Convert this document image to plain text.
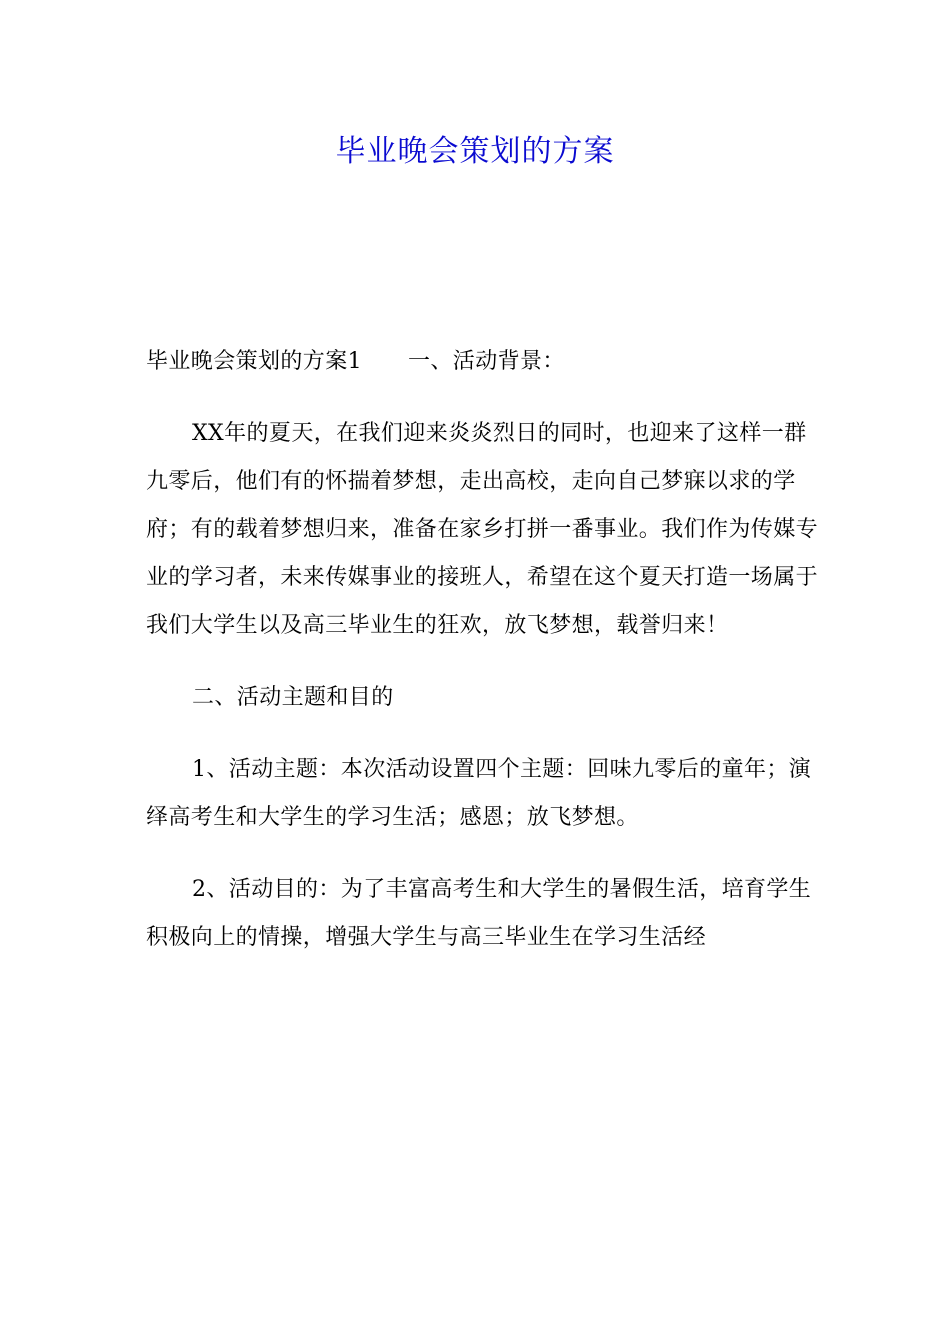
毕业晚会策划的方案

毕业晚会策划的方案1 一、活动背景：

XX年的夏天，在我们迎来炎炎烈日的同时，也迎来了这样一群九零后，他们有的怀揣着梦想，走出高校，走向自己梦寐以求的学府；有的载着梦想归来，准备在家乡打拼一番事业。我们作为传媒专业的学习者，未来传媒事业的接班人，希望在这个夏天打造一场属于我们大学生以及高三毕业生的狂欢，放飞梦想，载誉归来！

二、活动主题和目的

1、活动主题：本次活动设置四个主题：回味九零后的童年；演绎高考生和大学生的学习生活；感恩；放飞梦想。

2、活动目的：为了丰富高考生和大学生的暑假生活，培育学生积极向上的情操，增强大学生与高三毕业生在学习生活经
